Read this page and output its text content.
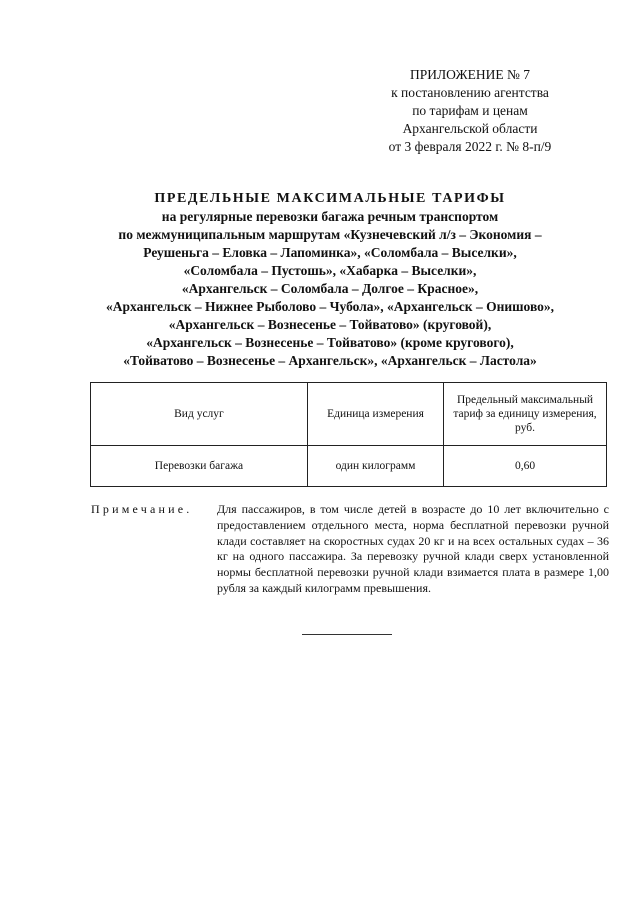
ПРИЛОЖЕНИЕ № 7
к постановлению агентства
по тарифам и ценам
Архангельской области
от 3 февраля 2022 г. № 8-п/9
ПРЕДЕЛЬНЫЕ МАКСИМАЛЬНЫЕ ТАРИФЫ
на регулярные перевозки багажа речным транспортом
по межмуниципальным маршрутам «Кузнечевский л/з – Экономия –
Реушеньга – Еловка – Лапоминка», «Соломбала – Выселки»,
«Соломбала – Пустошь», «Хабарка – Выселки»,
«Архангельск – Соломбала – Долгое – Красное»,
«Архангельск – Нижнее Рыболово – Чубола», «Архангельск – Онишово»,
«Архангельск – Вознесенье – Тойватово» (круговой),
«Архангельск – Вознесенье – Тойватово» (кроме кругового),
«Тойватово – Вознесенье – Архангельск», «Архангельск – Ластола»
Вид услуг	Единица измерения	Предельный максимальный тариф за единицу измерения, руб.
Перевозки багажа	один килограмм	0,60
Примечание. Для пассажиров, в том числе детей в возрасте до 10 лет включительно с предоставлением отдельного места, норма бесплатной перевозки ручной клади составляет на скоростных судах 20 кг и на всех остальных судах – 36 кг на одного пассажира. За перевозку ручной клади сверх установленной нормы бесплатной перевозки ручной клади взимается плата в размере 1,00 рубля за каждый килограмм превышения.
